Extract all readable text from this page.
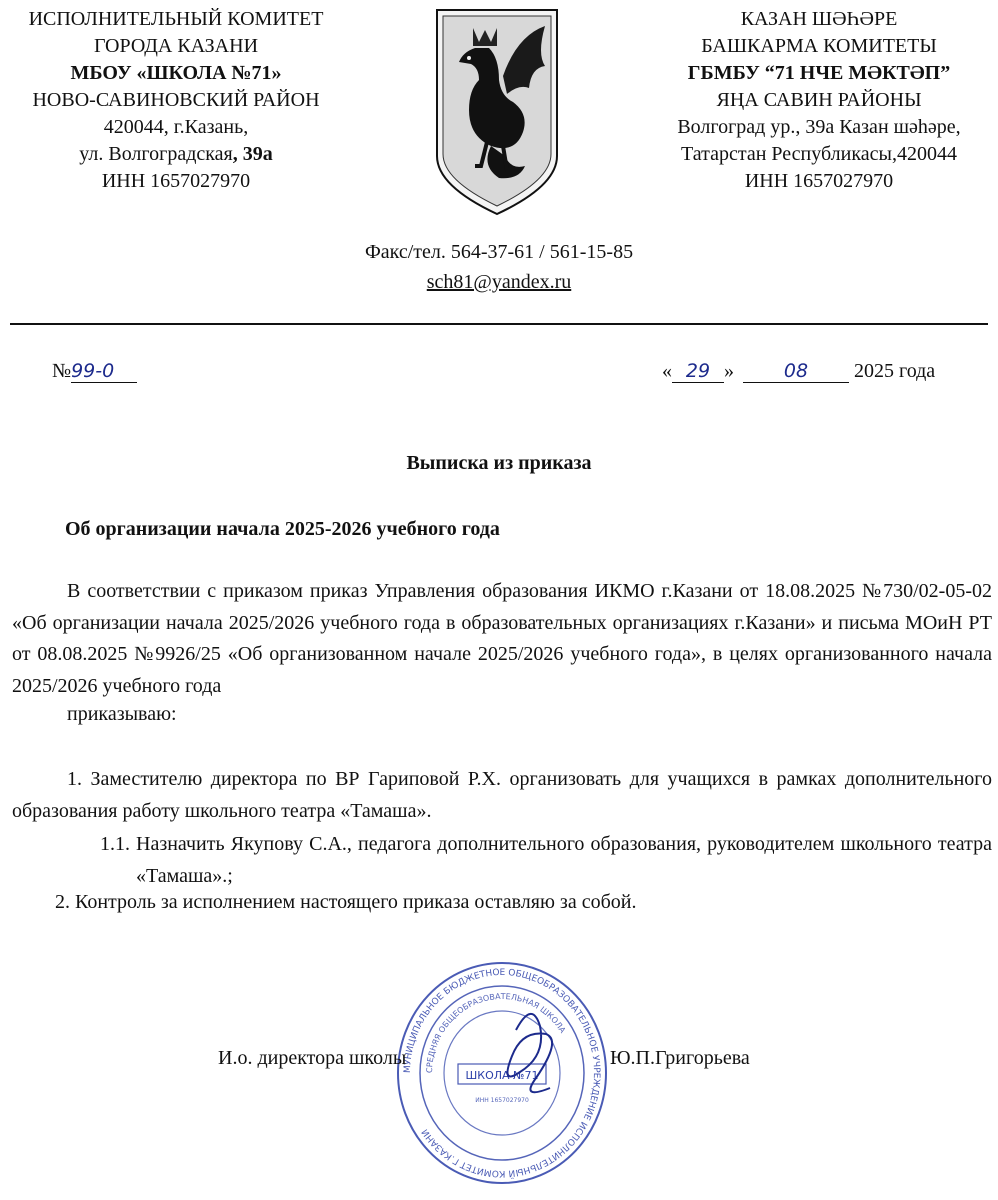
ИСПОЛНИТЕЛЬНЫЙ КОМИТЕТ
ГОРОДА КАЗАНИ
МБОУ «ШКОЛА №71»
НОВО-САВИНОВСКИЙ РАЙОН
420044, г.Казань,
ул. Волгоградская, 39а
ИНН 1657027970
КАЗАН ШӘҺӘРЕ
БАШКАРМА КОМИТЕТЫ
ГБМБУ “71 НЧЕ МӘКТӘП”
ЯҢА САВИН РАЙОНЫ
Волгоград ур., 39а Казан шәһәре,
Татарстан Республикасы,420044
ИНН 1657027970
Факс/тел. 564-37-61 / 561-15-85
sch81@yandex.ru
№99-0	« 29 »	08 2025 года
Выписка из приказа
Об организации начала 2025-2026 учебного года

В соответствии с приказом приказ Управления образования ИКМО г.Казани от 18.08.2025 №730/02-05-02 «Об организации начала 2025/2026 учебного года в образовательных организациях г.Казани» и письма МОиН РТ от 08.08.2025 №9926/25 «Об организованном начале 2025/2026 учебного года», в целях организованного начала 2025/2026 учебного года

приказываю:
1. Заместителю директора по ВР Гариповой Р.Х. организовать для учащихся в рамках дополнительного образования работу школьного театра «Тамаша».
1.1. Назначить Якупову С.А., педагога дополнительного образования, руководителем школьного театра «Тамаша».;
2. Контроль за исполнением настоящего приказа оставляю за собой.
МУНИЦИПАЛЬНОЕ БЮДЖЕТНОЕ ОБЩЕОБРАЗОВАТЕЛЬНОЕ УЧРЕЖДЕНИЕ ИСПОЛНИТЕЛЬНЫЙ КОМИТЕТ Г.КАЗАНИ
СРЕДНЯЯ ОБЩЕОБРАЗОВАТЕЛЬНАЯ ШКОЛА
ШКОЛА №71
ИНН 1657027970
И.о. директора школы	Ю.П.Григорьева
